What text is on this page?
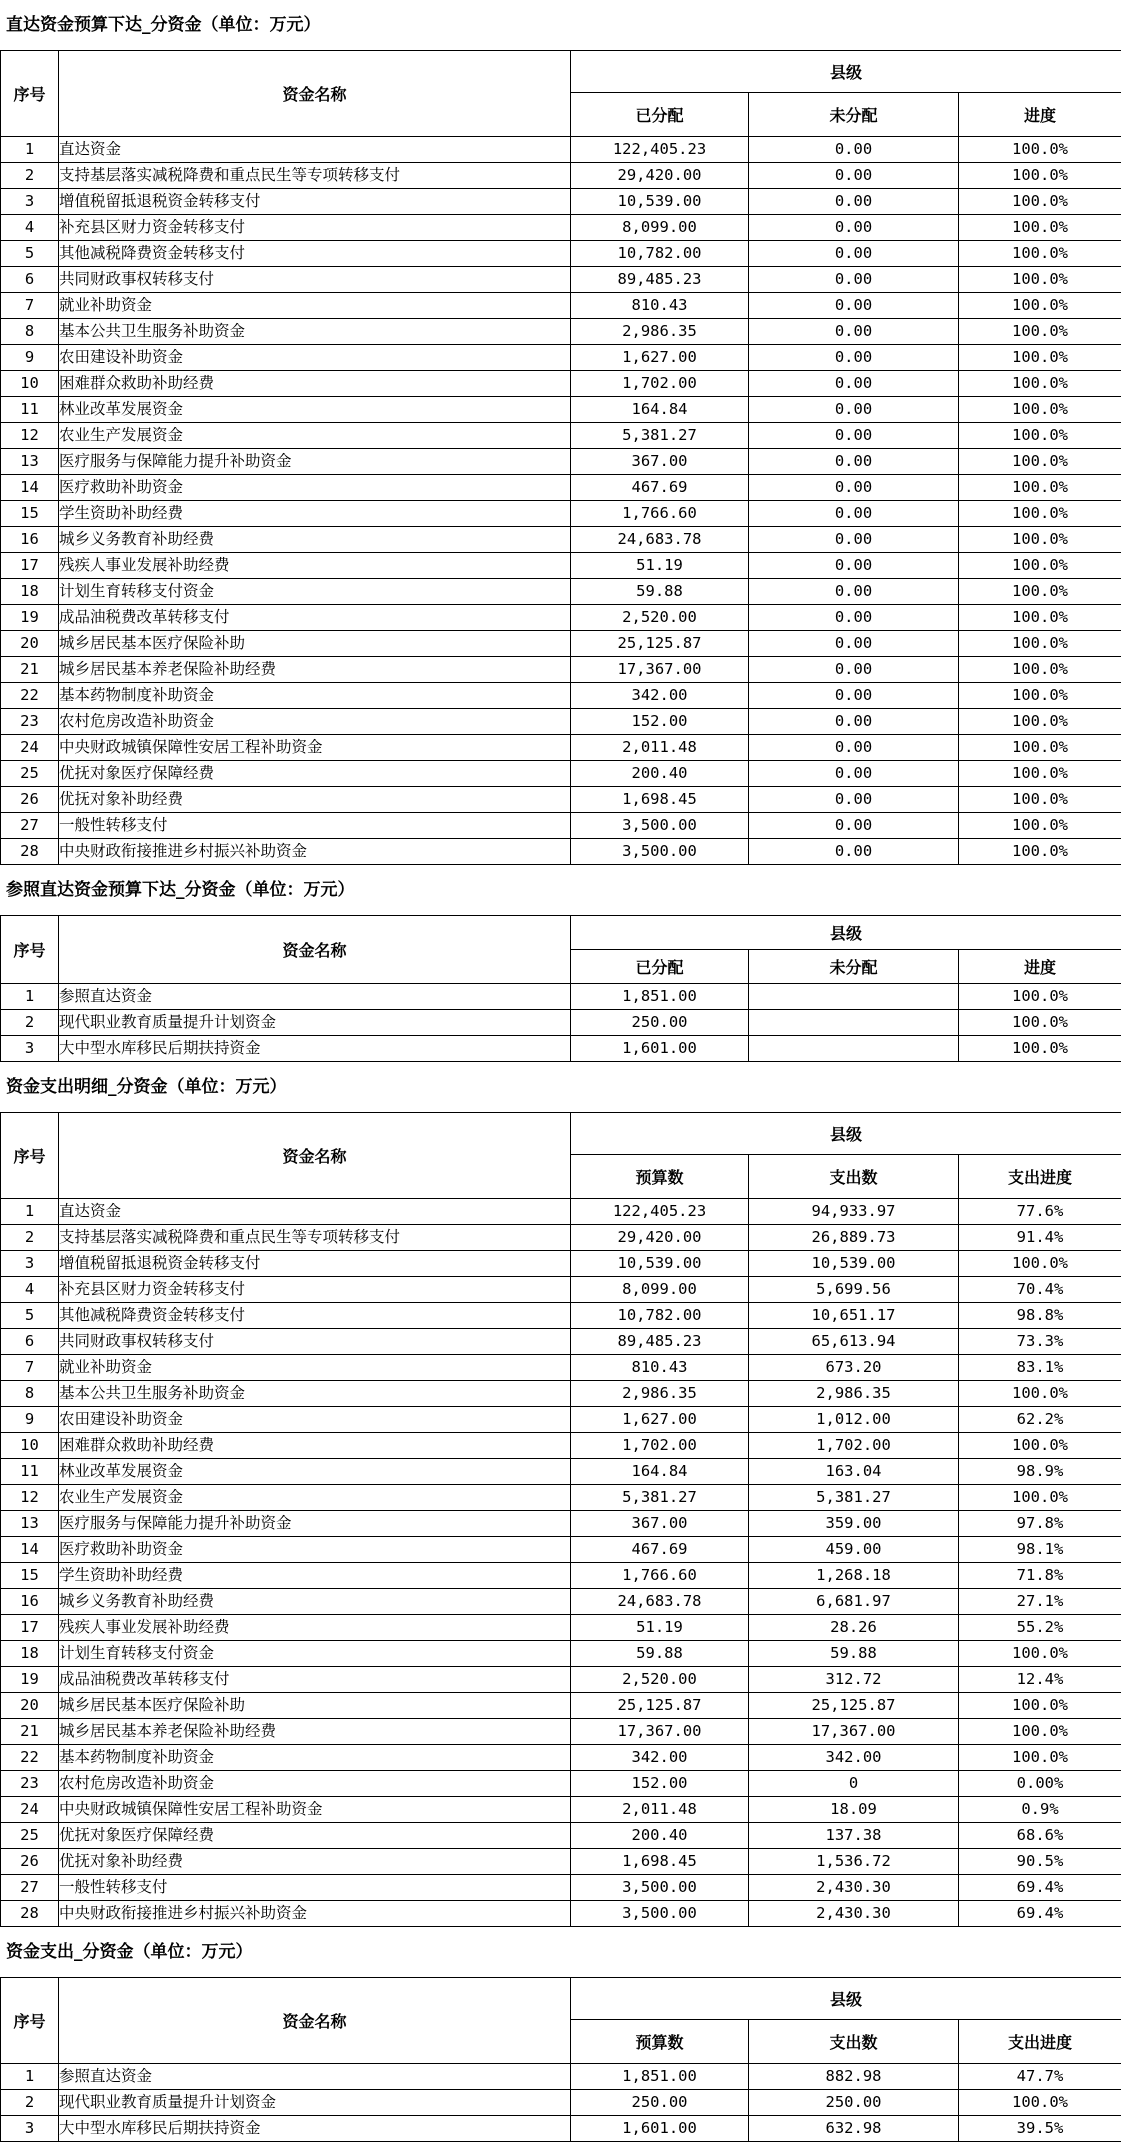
直达资金预算下达_分资金（单位：万元）
序号	资金名称	县级		
		已分配	未分配	进度
1	直达资金	122,405.23	0.00	100.0%
2	支持基层落实减税降费和重点民生等专项转移支付	29,420.00	0.00	100.0%
3	增值税留抵退税资金转移支付	10,539.00	0.00	100.0%
4	补充县区财力资金转移支付	8,099.00	0.00	100.0%
5	其他减税降费资金转移支付	10,782.00	0.00	100.0%
6	共同财政事权转移支付	89,485.23	0.00	100.0%
7	就业补助资金	810.43	0.00	100.0%
8	基本公共卫生服务补助资金	2,986.35	0.00	100.0%
9	农田建设补助资金	1,627.00	0.00	100.0%
10	困难群众救助补助经费	1,702.00	0.00	100.0%
11	林业改革发展资金	164.84	0.00	100.0%
12	农业生产发展资金	5,381.27	0.00	100.0%
13	医疗服务与保障能力提升补助资金	367.00	0.00	100.0%
14	医疗救助补助资金	467.69	0.00	100.0%
15	学生资助补助经费	1,766.60	0.00	100.0%
16	城乡义务教育补助经费	24,683.78	0.00	100.0%
17	残疾人事业发展补助经费	51.19	0.00	100.0%
18	计划生育转移支付资金	59.88	0.00	100.0%
19	成品油税费改革转移支付	2,520.00	0.00	100.0%
20	城乡居民基本医疗保险补助	25,125.87	0.00	100.0%
21	城乡居民基本养老保险补助经费	17,367.00	0.00	100.0%
22	基本药物制度补助资金	342.00	0.00	100.0%
23	农村危房改造补助资金	152.00	0.00	100.0%
24	中央财政城镇保障性安居工程补助资金	2,011.48	0.00	100.0%
25	优抚对象医疗保障经费	200.40	0.00	100.0%
26	优抚对象补助经费	1,698.45	0.00	100.0%
27	一般性转移支付	3,500.00	0.00	100.0%
28	中央财政衔接推进乡村振兴补助资金	3,500.00	0.00	100.0%
参照直达资金预算下达_分资金（单位：万元）
序号	资金名称	县级		
		已分配	未分配	进度
1	参照直达资金	1,851.00		100.0%
2	现代职业教育质量提升计划资金	250.00		100.0%
3	大中型水库移民后期扶持资金	1,601.00		100.0%
资金支出明细_分资金（单位：万元）
序号	资金名称	县级		
		预算数	支出数	支出进度
1	直达资金	122,405.23	94,933.97	77.6%
2	支持基层落实减税降费和重点民生等专项转移支付	29,420.00	26,889.73	91.4%
3	增值税留抵退税资金转移支付	10,539.00	10,539.00	100.0%
4	补充县区财力资金转移支付	8,099.00	5,699.56	70.4%
5	其他减税降费资金转移支付	10,782.00	10,651.17	98.8%
6	共同财政事权转移支付	89,485.23	65,613.94	73.3%
7	就业补助资金	810.43	673.20	83.1%
8	基本公共卫生服务补助资金	2,986.35	2,986.35	100.0%
9	农田建设补助资金	1,627.00	1,012.00	62.2%
10	困难群众救助补助经费	1,702.00	1,702.00	100.0%
11	林业改革发展资金	164.84	163.04	98.9%
12	农业生产发展资金	5,381.27	5,381.27	100.0%
13	医疗服务与保障能力提升补助资金	367.00	359.00	97.8%
14	医疗救助补助资金	467.69	459.00	98.1%
15	学生资助补助经费	1,766.60	1,268.18	71.8%
16	城乡义务教育补助经费	24,683.78	6,681.97	27.1%
17	残疾人事业发展补助经费	51.19	28.26	55.2%
18	计划生育转移支付资金	59.88	59.88	100.0%
19	成品油税费改革转移支付	2,520.00	312.72	12.4%
20	城乡居民基本医疗保险补助	25,125.87	25,125.87	100.0%
21	城乡居民基本养老保险补助经费	17,367.00	17,367.00	100.0%
22	基本药物制度补助资金	342.00	342.00	100.0%
23	农村危房改造补助资金	152.00	0	0.00%
24	中央财政城镇保障性安居工程补助资金	2,011.48	18.09	0.9%
25	优抚对象医疗保障经费	200.40	137.38	68.6%
26	优抚对象补助经费	1,698.45	1,536.72	90.5%
27	一般性转移支付	3,500.00	2,430.30	69.4%
28	中央财政衔接推进乡村振兴补助资金	3,500.00	2,430.30	69.4%
资金支出_分资金（单位：万元）
序号	资金名称	县级		
		预算数	支出数	支出进度
1	参照直达资金	1,851.00	882.98	47.7%
2	现代职业教育质量提升计划资金	250.00	250.00	100.0%
3	大中型水库移民后期扶持资金	1,601.00	632.98	39.5%
